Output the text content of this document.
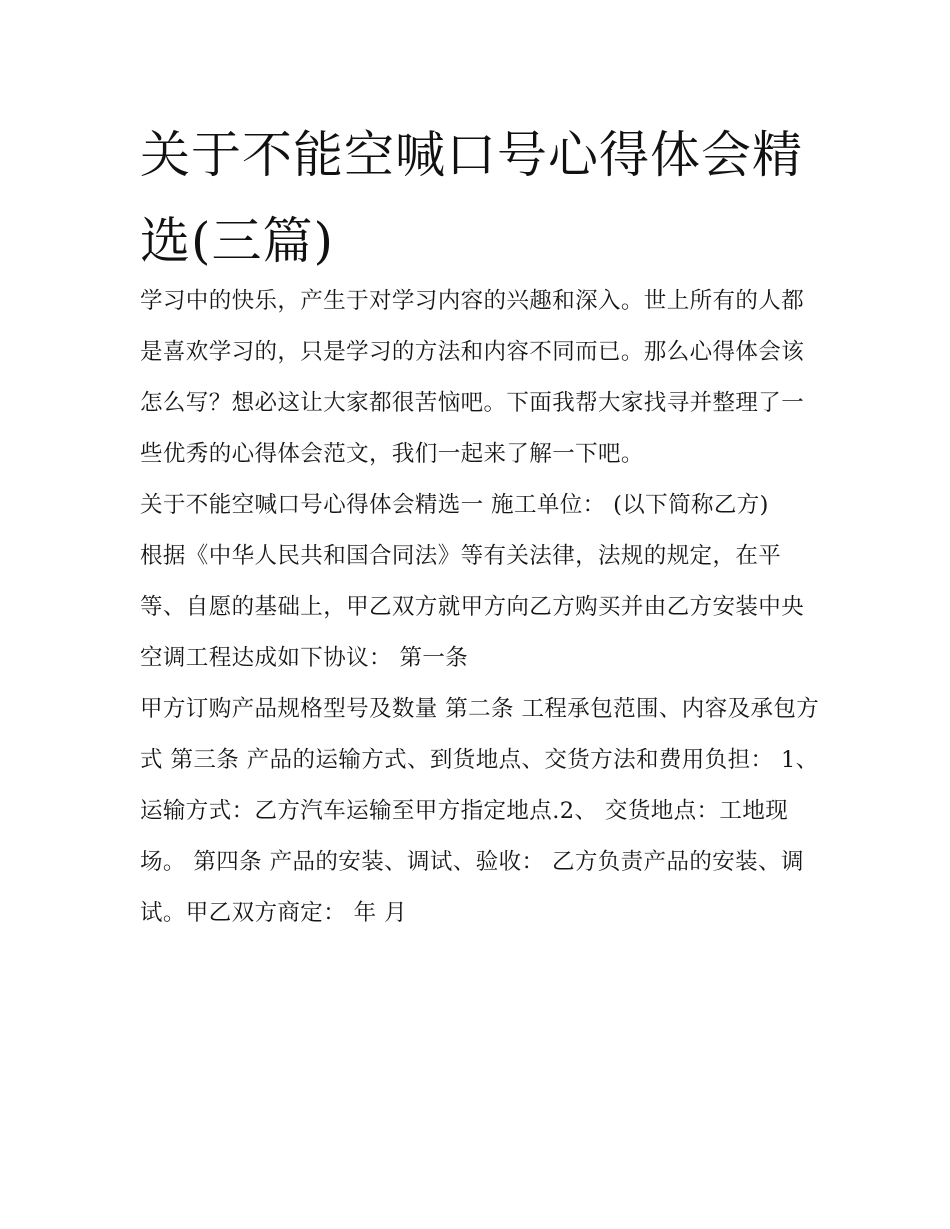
关于不能空喊口号心得体会精选(三篇)

学习中的快乐，产生于对学习内容的兴趣和深入。世上所有的人都是喜欢学习的，只是学习的方法和内容不同而已。那么心得体会该怎么写？想必这让大家都很苦恼吧。下面我帮大家找寻并整理了一些优秀的心得体会范文，我们一起来了解一下吧。

关于不能空喊口号心得体会精选一 施工单位： (以下简称乙方)

根据《中华人民共和国合同法》等有关法律，法规的规定，在平等、自愿的基础上，甲乙双方就甲方向乙方购买并由乙方安装中央空调工程达成如下协议： 第一条

甲方订购产品规格型号及数量 第二条 工程承包范围、内容及承包方式 第三条 产品的运输方式、到货地点、交货方法和费用负担： 1、

运输方式：乙方汽车运输至甲方指定地点.2、 交货地点：工地现场。 第四条 产品的安装、调试、验收： 乙方负责产品的安装、调试。甲乙双方商定： 年 月
